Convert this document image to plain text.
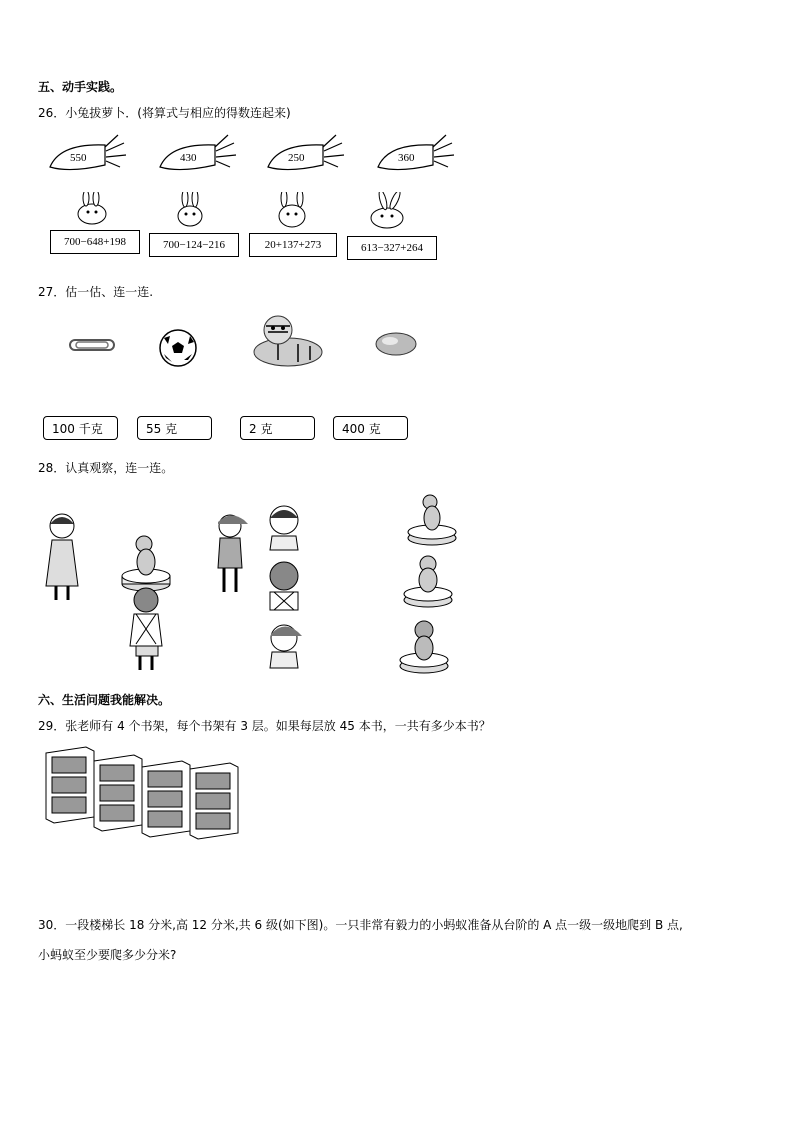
五、动手实践。
26．小兔拔萝卜．(将算式与相应的得数连起来)
550	430	250	360
700−648+198	700−124−216	20+137+273	613−327+264
27．估一估、连一连.
100 千克	55 克	2 克	400 克
28．认真观察，连一连。
六、生活问题我能解决。
29．张老师有 4 个书架，每个书架有 3 层。如果每层放 45 本书，一共有多少本书？
30．一段楼梯长 18 分米,高 12 分米,共 6 级(如下图)。一只非常有毅力的小蚂蚁准备从台阶的 A 点一级一级地爬到 B 点,
小蚂蚁至少要爬多少分米?
